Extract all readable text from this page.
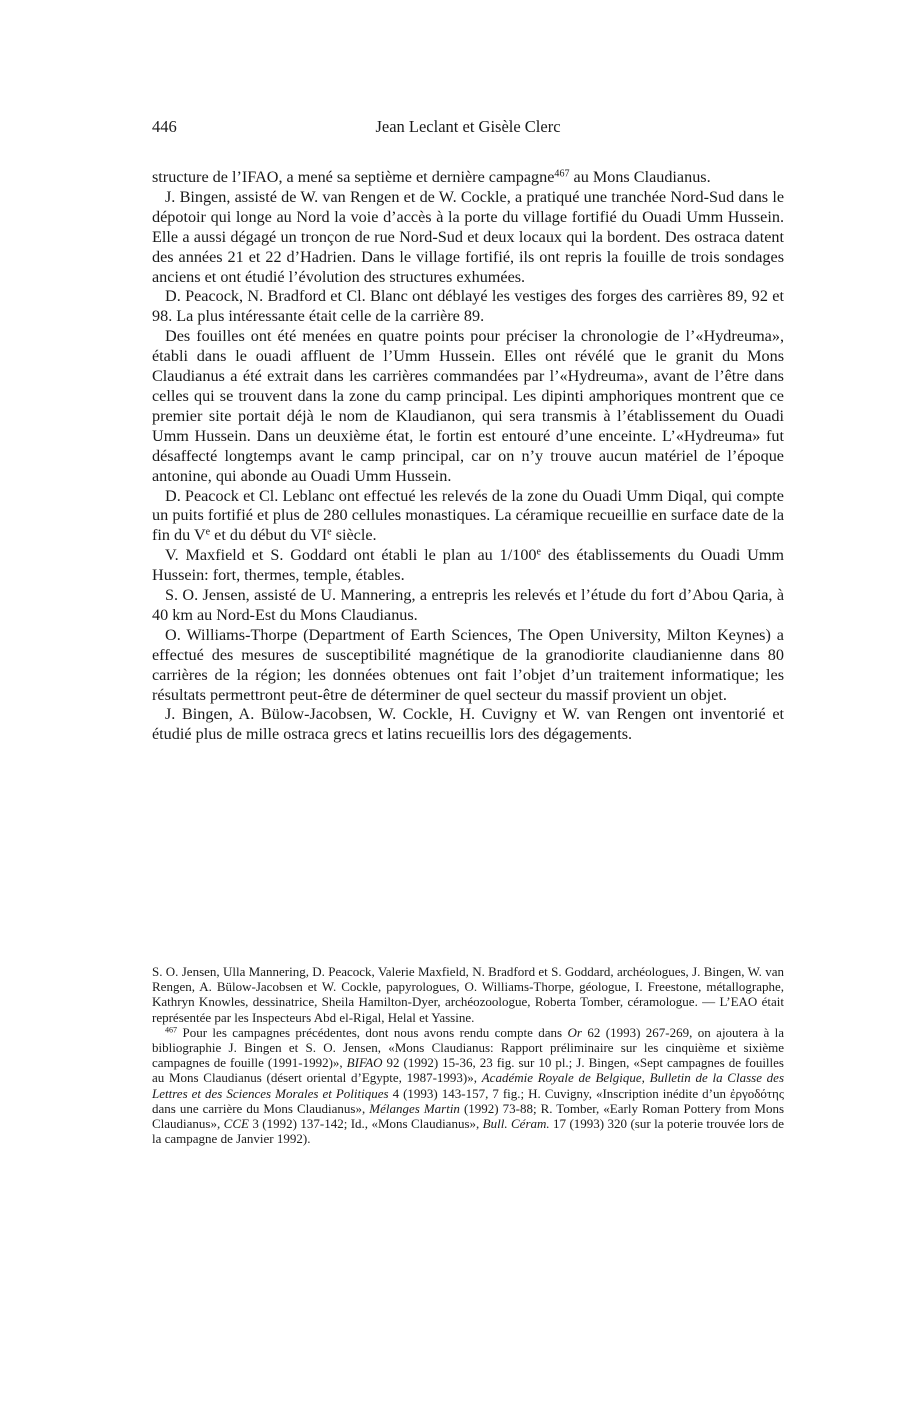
446	Jean Leclant et Gisèle Clerc

structure de l’IFAO, a mené sa septième et dernière campagne$^{467}$ au Mons Claudianus.

J. Bingen, assisté de W. van Rengen et de W. Cockle, a pratiqué une tranchée Nord-Sud dans le dépotoir qui longe au Nord la voie d’accès à la porte du village fortifié du Ouadi Umm Hussein. Elle a aussi dégagé un tronçon de rue Nord-Sud et deux locaux qui la bordent. Des ostraca datent des années 21 et 22 d’Hadrien. Dans le village fortifié, ils ont repris la fouille de trois sondages anciens et ont étudié l’évolution des structures exhumées.

D. Peacock, N. Bradford et Cl. Blanc ont déblayé les vestiges des forges des carrières 89, 92 et 98. La plus intéressante était celle de la carrière 89.

Des fouilles ont été menées en quatre points pour préciser la chronologie de l’«Hydreuma», établi dans le ouadi affluent de l’Umm Hussein. Elles ont révélé que le granit du Mons Claudianus a été extrait dans les carrières commandées par l’«Hydreuma», avant de l’être dans celles qui se trouvent dans la zone du camp principal. Les dipinti amphoriques montrent que ce premier site portait déjà le nom de Klaudianon, qui sera transmis à l’établissement du Ouadi Umm Hussein. Dans un deuxième état, le fortin est entouré d’une enceinte. L’«Hydreuma» fut désaffecté longtemps avant le camp principal, car on n’y trouve aucun matériel de l’époque antonine, qui abonde au Ouadi Umm Hussein.

D. Peacock et Cl. Leblanc ont effectué les relevés de la zone du Ouadi Umm Diqal, qui compte un puits fortifié et plus de 280 cellules monastiques. La céramique recueillie en surface date de la fin du Ve et du début du VIe siècle.

V. Maxfield et S. Goddard ont établi le plan au 1/100e des établissements du Ouadi Umm Hussein: fort, thermes, temple, étables.

S. O. Jensen, assisté de U. Mannering, a entrepris les relevés et l’étude du fort d’Abou Qaria, à 40 km au Nord-Est du Mons Claudianus.

O. Williams-Thorpe (Department of Earth Sciences, The Open University, Milton Keynes) a effectué des mesures de susceptibilité magnétique de la granodiorite claudianienne dans 80 carrières de la région; les données obtenues ont fait l’objet d’un traitement informatique; les résultats permettront peut-être de déterminer de quel secteur du massif provient un objet.

J. Bingen, A. Bülow-Jacobsen, W. Cockle, H. Cuvigny et W. van Rengen ont inventorié et étudié plus de mille ostraca grecs et latins recueillis lors des dégagements.

S. O. Jensen, Ulla Mannering, D. Peacock, Valerie Maxfield, N. Bradford et S. Goddard, archéologues, J. Bingen, W. van Rengen, A. Bülow-Jacobsen et W. Cockle, papyrologues, O. Williams-Thorpe, géologue, I. Freestone, métallographe, Kathryn Knowles, dessinatrice, Sheila Hamilton-Dyer, archéozoologue, Roberta Tomber, céramologue. — L’EAO était représentée par les Inspecteurs Abd el-Rigal, Helal et Yassine.

$^{467}$ Pour les campagnes précédentes, dont nous avons rendu compte dans Or 62 (1993) 267-269, on ajoutera à la bibliographie J. Bingen et S. O. Jensen, «Mons Claudianus: Rapport préliminaire sur les cinquième et sixième campagnes de fouille (1991-1992)», BIFAO 92 (1992) 15-36, 23 fig. sur 10 pl.; J. Bingen, «Sept campagnes de fouilles au Mons Claudianus (désert oriental d’Egypte, 1987-1993)», Académie Royale de Belgique, Bulletin de la Classe des Lettres et des Sciences Morales et Politiques 4 (1993) 143-157, 7 fig.; H. Cuvigny, «Inscription inédite d’un ἐργοδότης dans une carrière du Mons Claudianus», Mélanges Martin (1992) 73-88; R. Tomber, «Early Roman Pottery from Mons Claudianus», CCE 3 (1992) 137-142; Id., «Mons Claudianus», Bull. Céram. 17 (1993) 320 (sur la poterie trouvée lors de la campagne de Janvier 1992).
